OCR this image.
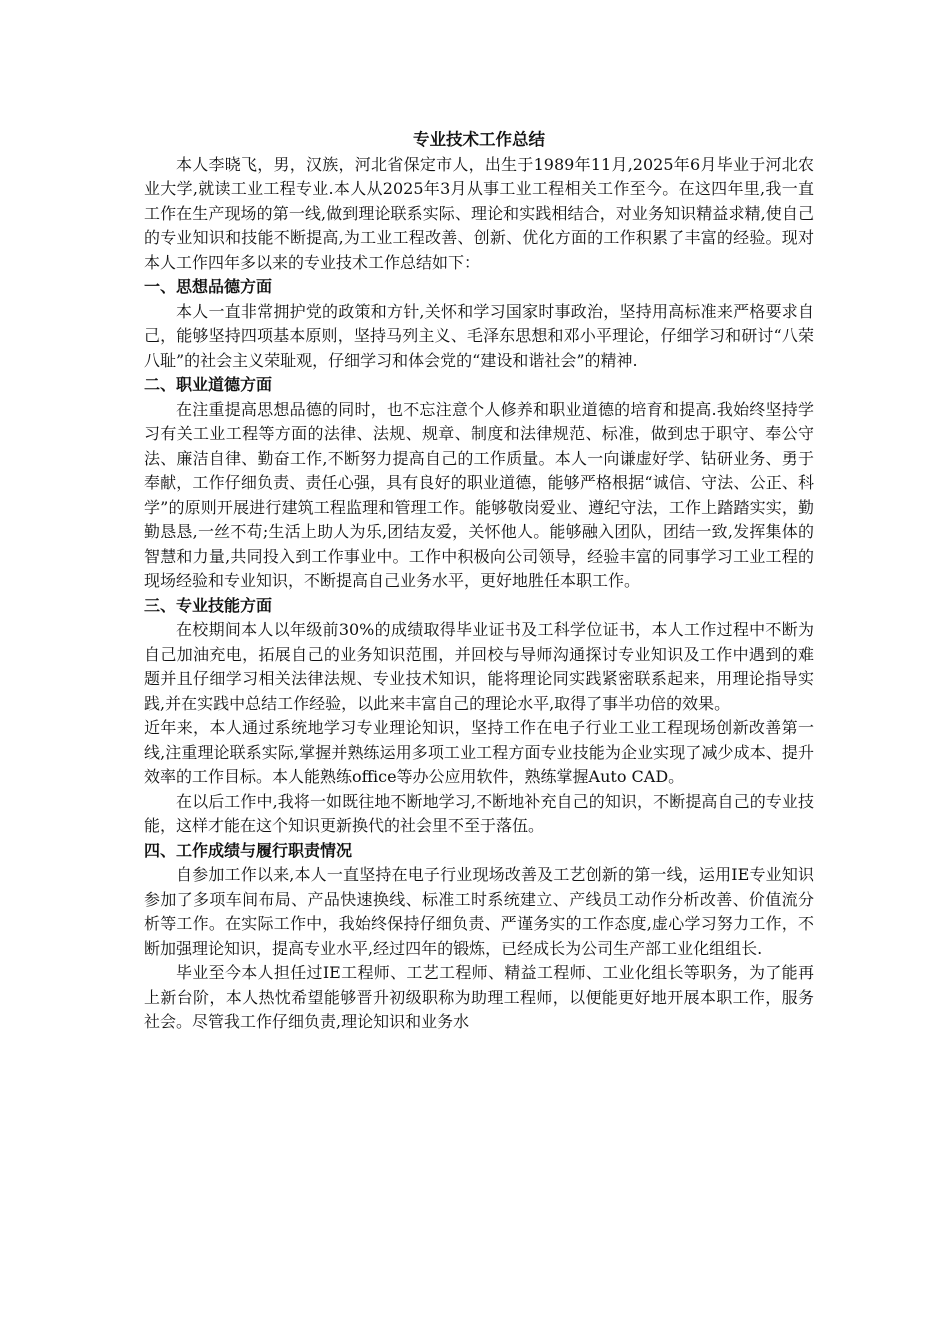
专业技术工作总结

本人李晓飞，男，汉族，河北省保定市人，出生于1989年11月,2025年6月毕业于河北农业大学,就读工业工程专业.本人从2025年3月从事工业工程相关工作至今。在这四年里,我一直工作在生产现场的第一线,做到理论联系实际、理论和实践相结合，对业务知识精益求精,使自己的专业知识和技能不断提高,为工业工程改善、创新、优化方面的工作积累了丰富的经验。现对本人工作四年多以来的专业技术工作总结如下：

一、思想品德方面

本人一直非常拥护党的政策和方针,关怀和学习国家时事政治，坚持用高标准来严格要求自己，能够坚持四项基本原则，坚持马列主义、毛泽东思想和邓小平理论，仔细学习和研讨“八荣八耻”的社会主义荣耻观，仔细学习和体会党的“建设和谐社会”的精神.

二、职业道德方面

在注重提高思想品德的同时，也不忘注意个人修养和职业道德的培育和提高.我始终坚持学习有关工业工程等方面的法律、法规、规章、制度和法律规范、标准，做到忠于职守、奉公守法、廉洁自律、勤奋工作,不断努力提高自己的工作质量。本人一向谦虚好学、钻研业务、勇于奉献，工作仔细负责、责任心强，具有良好的职业道德，能够严格根据“诚信、守法、公正、科学”的原则开展进行建筑工程监理和管理工作。能够敬岗爱业、遵纪守法，工作上踏踏实实，勤勤恳恳,一丝不苟;生活上助人为乐,团结友爱，关怀他人。能够融入团队，团结一致,发挥集体的智慧和力量,共同投入到工作事业中。工作中积极向公司领导，经验丰富的同事学习工业工程的现场经验和专业知识，不断提高自己业务水平，更好地胜任本职工作。

三、专业技能方面

在校期间本人以年级前30%的成绩取得毕业证书及工科学位证书，本人工作过程中不断为自己加油充电，拓展自己的业务知识范围，并回校与导师沟通探讨专业知识及工作中遇到的难题并且仔细学习相关法律法规、专业技术知识，能将理论同实践紧密联系起来，用理论指导实践,并在实践中总结工作经验，以此来丰富自己的理论水平,取得了事半功倍的效果。

近年来，本人通过系统地学习专业理论知识，坚持工作在电子行业工业工程现场创新改善第一线,注重理论联系实际,掌握并熟练运用多项工业工程方面专业技能为企业实现了减少成本、提升效率的工作目标。本人能熟练office等办公应用软件，熟练掌握Auto CAD。

在以后工作中,我将一如既往地不断地学习,不断地补充自己的知识，不断提高自己的专业技能，这样才能在这个知识更新换代的社会里不至于落伍。

四、工作成绩与履行职责情况

自参加工作以来,本人一直坚持在电子行业现场改善及工艺创新的第一线，运用IE专业知识参加了多项车间布局、产品快速换线、标准工时系统建立、产线员工动作分析改善、价值流分析等工作。在实际工作中，我始终保持仔细负责、严谨务实的工作态度,虚心学习努力工作，不断加强理论知识，提高专业水平,经过四年的锻炼，已经成长为公司生产部工业化组组长.

毕业至今本人担任过IE工程师、工艺工程师、精益工程师、工业化组长等职务，为了能再上新台阶，本人热忱希望能够晋升初级职称为助理工程师，以便能更好地开展本职工作，服务社会。尽管我工作仔细负责,理论知识和业务水
